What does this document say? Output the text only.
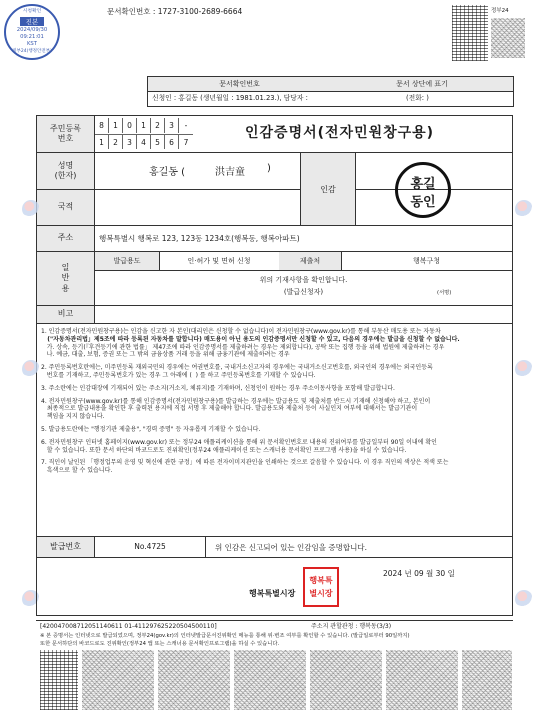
문서확인번호 : 1727-3100-2689-6664
시청확인
진본
2024/09/30
09:21:01
KST
정부24(행정안전부)
정부24
문서확인번호	문서 상단에 표기
신청인 : 홍길동 (생년월일 : 1981.01.23.), 담당자 :	(전화: )
주민등록
번호
8	1	0	1	2	3	-
1	2	3	4	5	6	7
인감증명서(전자민원창구용)
성명
(한자)	홍길동 (	洪吉童 )
국적
인감	홍길
동인
주소	행복특별시 행복로 123, 123동 1234호(행복동, 행복아파트)
일
반
용
발급용도	인·허가 및 면허 신청	제출처	행복구청
위의 기재사항을 확인합니다.
(발급신청자)	(서명)
비고
1. 인감증명서(전자민원창구용)는 인감을 신고한 자 본인(대리인은 신청할 수 없습니다)이 전자민원창구(www.gov.kr)를 통해 부동산 매도용 또는 자동차
("자동차관리법」제5조에 따라 등록된 자동차를 말합니다) 매도용이 아닌 용도의 인감증명서만 신청할 수 있고, 다음의 경우에는 발급을 신청할 수 없습니다.
가. 상속, 등기(『후견등기에 관한 법률」 제47조에 따라 인감증명서를 제출하려는 경우는 제외합니다), 공탁 또는 집행 등을 위해 법원에 제출하려는 경우
나. 예금, 대출, 보험, 증권 또는 그 밖의 금융상품 거래 등을 위해 금융기관에 제출하려는 경우
2. 주민등록번호란에는, 미주민등록 재외국민의 경우에는 여권번호를, 국내거소신고자의 경우에는 국내거소신고번호를, 외국인의 경우에는 외국인등록
번호를 기재하고, 주민등록번호가 있는 경우 그 아래에 (  ) 를 하고 주민등록번호를 기재할 수 있습니다.
3. 주소란에는 인감대장에 기재되어 있는 주소지(거소지, 체류지)를 기재하며, 신청인이 원하는 경우 주소이동사항을 포함해 발급합니다.
4. 전자민원창구(www.gov.kr)를 통해 인감증명서(전자민원창구용)를 발급하는 경우에는 발급용도 및 제출처를 반드시 기재해 신청해야 하고, 본인이
최종적으로 발급내용을 확인한 후 출력된 용지에 직접 서명 후 제출해야 합니다. 발급용도와 제출처 등이 사실인지 여부에 대해서는 발급기관이
책임을 지지 않습니다.
5. 발급용도란에는 "행정기관 제출용", "경력 증명" 등 자유롭게 기재할 수 있습니다.
6. 전자민원창구 인터넷 홈페이지(www.gov.kr) 또는 정부24 애플리케이션을 통해 위 문서확인번호로 내용의 진위여부를 발급일부터 90일 이내에 확인
할 수 있습니다. 또한 문서 하단의 바코드로도 진위확인(정부24 애플리케이션 또는 스캐너용 문서확인 프로그램 사용)을 하실 수 있습니다.
7. 직인이 날인된 「행정업무의 운영 및 혁신에 관한 규정」에 따른 전자이미지관인을 인쇄하는 것으로 갈음할 수 있습니다. 이 경우 직인의 색상은 적색 또는
흑색으로 할 수 있습니다.
발급번호	No.4725	위 인감은 신고되어 있는 인감임을 증명합니다.
2024 년 09 월 30 일
행복특별시장
행복특
별시장
[420047008712051140611 01-411297625220504500110]	주소지 관할관청 : 행복동(3/3)
※ 본 증명서는 인터넷으로 발급되었으며, 정부24(gov.kr)의 인터넷발급문서진위확인 메뉴를 통해 위·변조 여부를 확인할 수 있습니다. (발급일로부터 90일까지)
또한 문서하단의 바코드로도 진위확인(정부24 앱 또는 스캐너용 문서확인프로그램)을 하실 수 있습니다.
